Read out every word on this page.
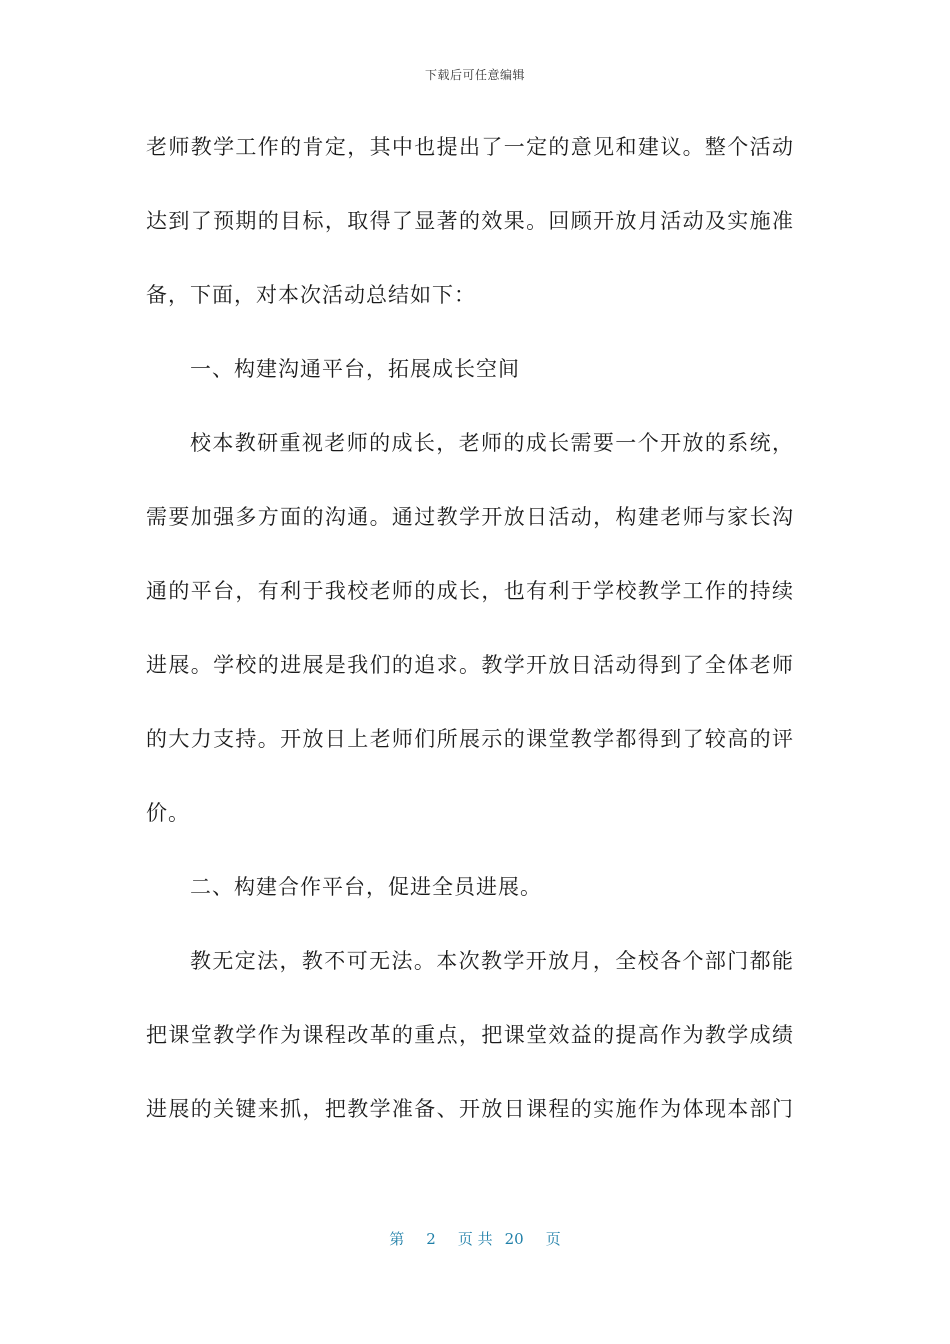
下载后可任意编辑
老师教学工作的肯定，其中也提出了一定的意见和建议。整个活动
达到了预期的目标，取得了显著的效果。回顾开放月活动及实施准
备，下面，对本次活动总结如下：
一、构建沟通平台，拓展成长空间
校本教研重视老师的成长，老师的成长需要一个开放的系统，
需要加强多方面的沟通。通过教学开放日活动，构建老师与家长沟
通的平台，有利于我校老师的成长，也有利于学校教学工作的持续
进展。学校的进展是我们的追求。教学开放日活动得到了全体老师
的大力支持。开放日上老师们所展示的课堂教学都得到了较高的评
价。
二、构建合作平台，促进全员进展。
教无定法，教不可无法。本次教学开放月，全校各个部门都能
把课堂教学作为课程改革的重点，把课堂效益的提高作为教学成绩
进展的关键来抓，把教学准备、开放日课程的实施作为体现本部门
第 2 页 共 20 页
